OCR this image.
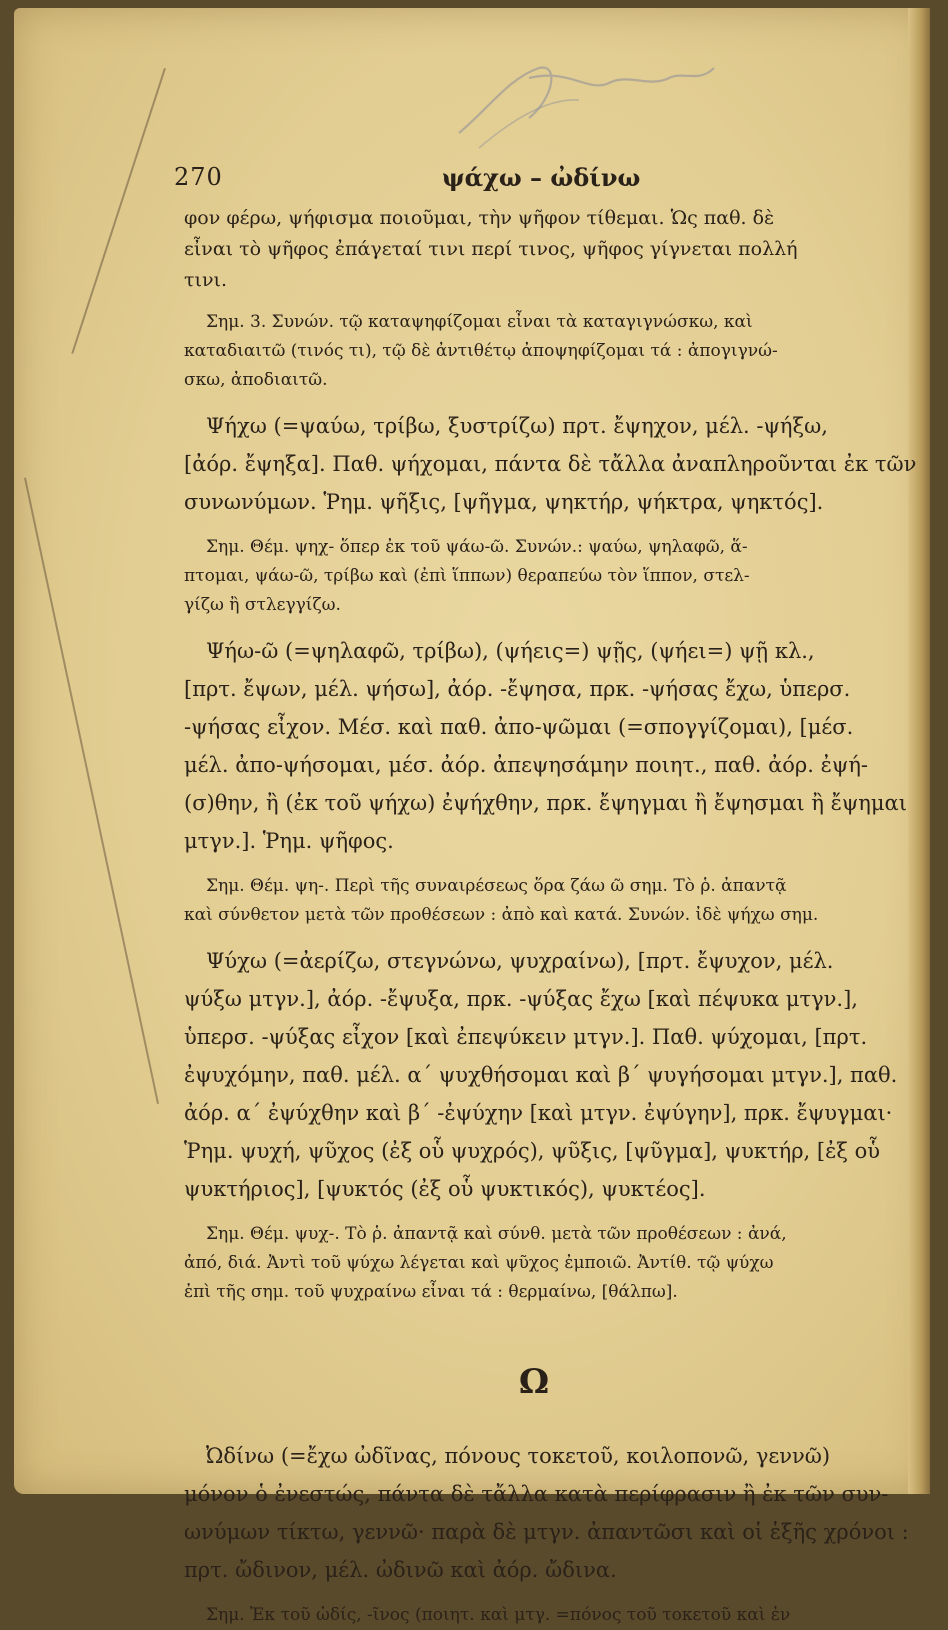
270	ψάχω – ὠδίνω
φον φέρω, ψήφισμα ποιοῦμαι, τὴν ψῆφον τίθεμαι. Ὡς παθ. δὲ
εἶναι τὸ ψῆφος ἐπάγεταί τινι περί τινος, ψῆφος γίγνεται πολλή
τινι.
Σημ. 3. Συνών. τῷ καταψηφίζομαι εἶναι τὰ καταγιγνώσκω, καὶ
καταδιαιτῶ (τινός τι), τῷ δὲ ἀντιθέτῳ ἀποψηφίζομαι τά : ἀπογιγνώ-
σκω, ἀποδιαιτῶ.
Ψήχω (=ψαύω, τρίβω, ξυστρίζω) πρτ. ἔψηχον, μέλ. -ψήξω,
[ἀόρ. ἔψηξα]. Παθ. ψήχομαι, πάντα δὲ τἄλλα ἀναπληροῦνται ἐκ τῶν
συνωνύμων. Ῥημ. ψῆξις, [ψῆγμα, ψηκτήρ, ψήκτρα, ψηκτός].
Σημ. Θέμ. ψηχ- ὅπερ ἐκ τοῦ ψάω-ῶ. Συνών.: ψαύω, ψηλαφῶ, ἅ-
πτομαι, ψάω-ῶ, τρίβω καὶ (ἐπὶ ἵππων) θεραπεύω τὸν ἵππον, στελ-
γίζω ἢ στλεγγίζω.
Ψήω-ῶ (=ψηλαφῶ, τρίβω), (ψήεις=) ψῇς, (ψήει=) ψῇ κλ.,
[πρτ. ἔψων, μέλ. ψήσω], ἀόρ. -ἔψησα, πρκ. -ψήσας ἔχω, ὑπερσ.
-ψήσας εἶχον. Μέσ. καὶ παθ. ἀπο-ψῶμαι (=σπογγίζομαι), [μέσ.
μέλ. ἀπο-ψήσομαι, μέσ. ἀόρ. ἀπεψησάμην ποιητ., παθ. ἀόρ. ἐψή-
(σ)θην, ἢ (ἐκ τοῦ ψήχω) ἐψήχθην, πρκ. ἔψηγμαι ἢ ἔψησμαι ἢ ἔψημαι
μτγν.]. Ῥημ. ψῆφος.
Σημ. Θέμ. ψη-. Περὶ τῆς συναιρέσεως ὅρα ζάω ῶ σημ. Τὸ ῥ. ἀπαντᾷ
καὶ σύνθετον μετὰ τῶν προθέσεων : ἀπὸ καὶ κατά. Συνών. ἰδὲ ψήχω σημ.
Ψύχω (=ἀερίζω, στεγνώνω, ψυχραίνω), [πρτ. ἔψυχον, μέλ.
ψύξω μτγν.], ἀόρ. -ἔψυξα, πρκ. -ψύξας ἔχω [καὶ πέψυκα μτγν.],
ὑπερσ. -ψύξας εἶχον [καὶ ἐπεψύκειν μτγν.]. Παθ. ψύχομαι, [πρτ.
ἐψυχόμην, παθ. μέλ. α΄ ψυχθήσομαι καὶ β΄ ψυγήσομαι μτγν.], παθ.
ἀόρ. α΄ ἐψύχθην καὶ β΄ -ἐψύχην [καὶ μτγν. ἐψύγην], πρκ. ἔψυγμαι·
Ῥημ. ψυχή, ψῦχος (ἐξ οὗ ψυχρός), ψῦξις, [ψῦγμα], ψυκτήρ, [ἐξ οὗ
ψυκτήριος], [ψυκτός (ἐξ οὗ ψυκτικός), ψυκτέος].
Σημ. Θέμ. ψυχ-. Τὸ ῥ. ἀπαντᾷ καὶ σύνθ. μετὰ τῶν προθέσεων : ἀνά,
ἀπό, διά. Ἀντὶ τοῦ ψύχω λέγεται καὶ ψῦχος ἐμποιῶ. Ἀντίθ. τῷ ψύχω
ἐπὶ τῆς σημ. τοῦ ψυχραίνω εἶναι τά : θερμαίνω, [θάλπω].
Ω
Ὠδίνω (=ἔχω ὠδῖνας, πόνους τοκετοῦ, κοιλοπονῶ, γεννῶ)
μόνον ὁ ἐνεστώς, πάντα δὲ τἄλλα κατὰ περίφρασιν ἢ ἐκ τῶν συν-
ωνύμων τίκτω, γεννῶ· παρὰ δὲ μτγν. ἀπαντῶσι καὶ οἱ ἑξῆς χρόνοι :
πρτ. ὤδινον, μέλ. ὠδινῶ καὶ ἀόρ. ὤδινα.
Σημ. Ἐκ τοῦ ὠδίς, -ῖνος (ποιητ. καὶ μτγ. =πόνος τοῦ τοκετοῦ καὶ ἐν
